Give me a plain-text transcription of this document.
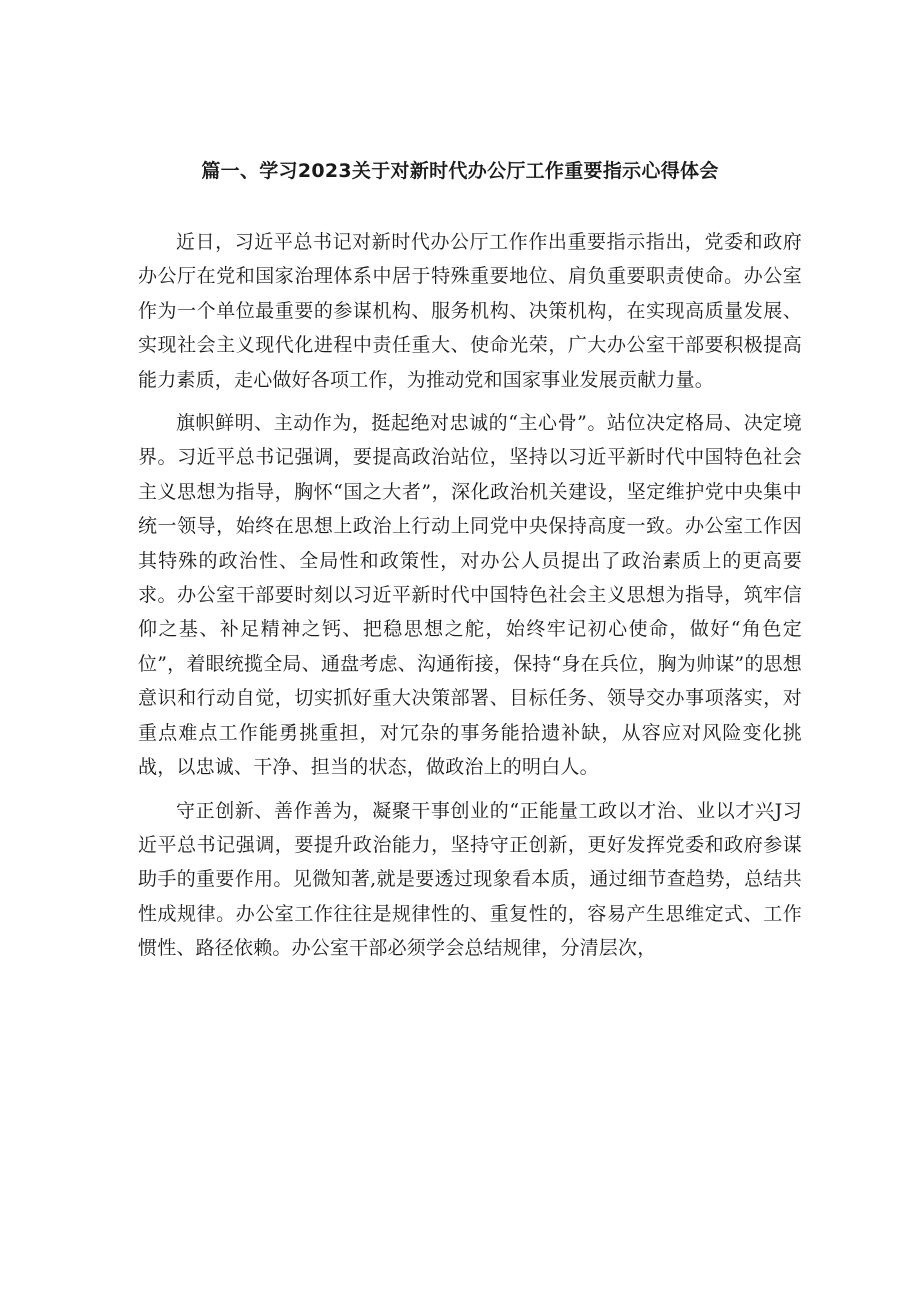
篇一、学习2023关于对新时代办公厅工作重要指示心得体会

近日，习近平总书记对新时代办公厅工作作出重要指示指出，党委和政府办公厅在党和国家治理体系中居于特殊重要地位、肩负重要职责使命。办公室作为一个单位最重要的参谋机构、服务机构、决策机构，在实现高质量发展、实现社会主义现代化进程中责任重大、使命光荣，广大办公室干部要积极提高能力素质，走心做好各项工作，为推动党和国家事业发展贡献力量。

旗帜鲜明、主动作为，挺起绝对忠诚的“主心骨”。站位决定格局、决定境界。习近平总书记强调，要提高政治站位，坚持以习近平新时代中国特色社会主义思想为指导，胸怀“国之大者”，深化政治机关建设，坚定维护党中央集中统一领导，始终在思想上政治上行动上同党中央保持高度一致。办公室工作因其特殊的政治性、全局性和政策性，对办公人员提出了政治素质上的更高要求。办公室干部要时刻以习近平新时代中国特色社会主义思想为指导，筑牢信仰之基、补足精神之钙、把稳思想之舵，始终牢记初心使命，做好“角色定位”，着眼统揽全局、通盘考虑、沟通衔接，保持“身在兵位，胸为帅谋”的思想意识和行动自觉，切实抓好重大决策部署、目标任务、领导交办事项落实，对重点难点工作能勇挑重担，对冗杂的事务能拾遗补缺，从容应对风险变化挑战，以忠诚、干净、担当的状态，做政治上的明白人。

守正创新、善作善为，凝聚干事创业的“正能量工政以才治、业以才兴J习近平总书记强调，要提升政治能力，坚持守正创新，更好发挥党委和政府参谋助手的重要作用。见微知著,就是要透过现象看本质，通过细节查趋势，总结共性成规律。办公室工作往往是规律性的、重复性的，容易产生思维定式、工作惯性、路径依赖。办公室干部必须学会总结规律，分清层次，
